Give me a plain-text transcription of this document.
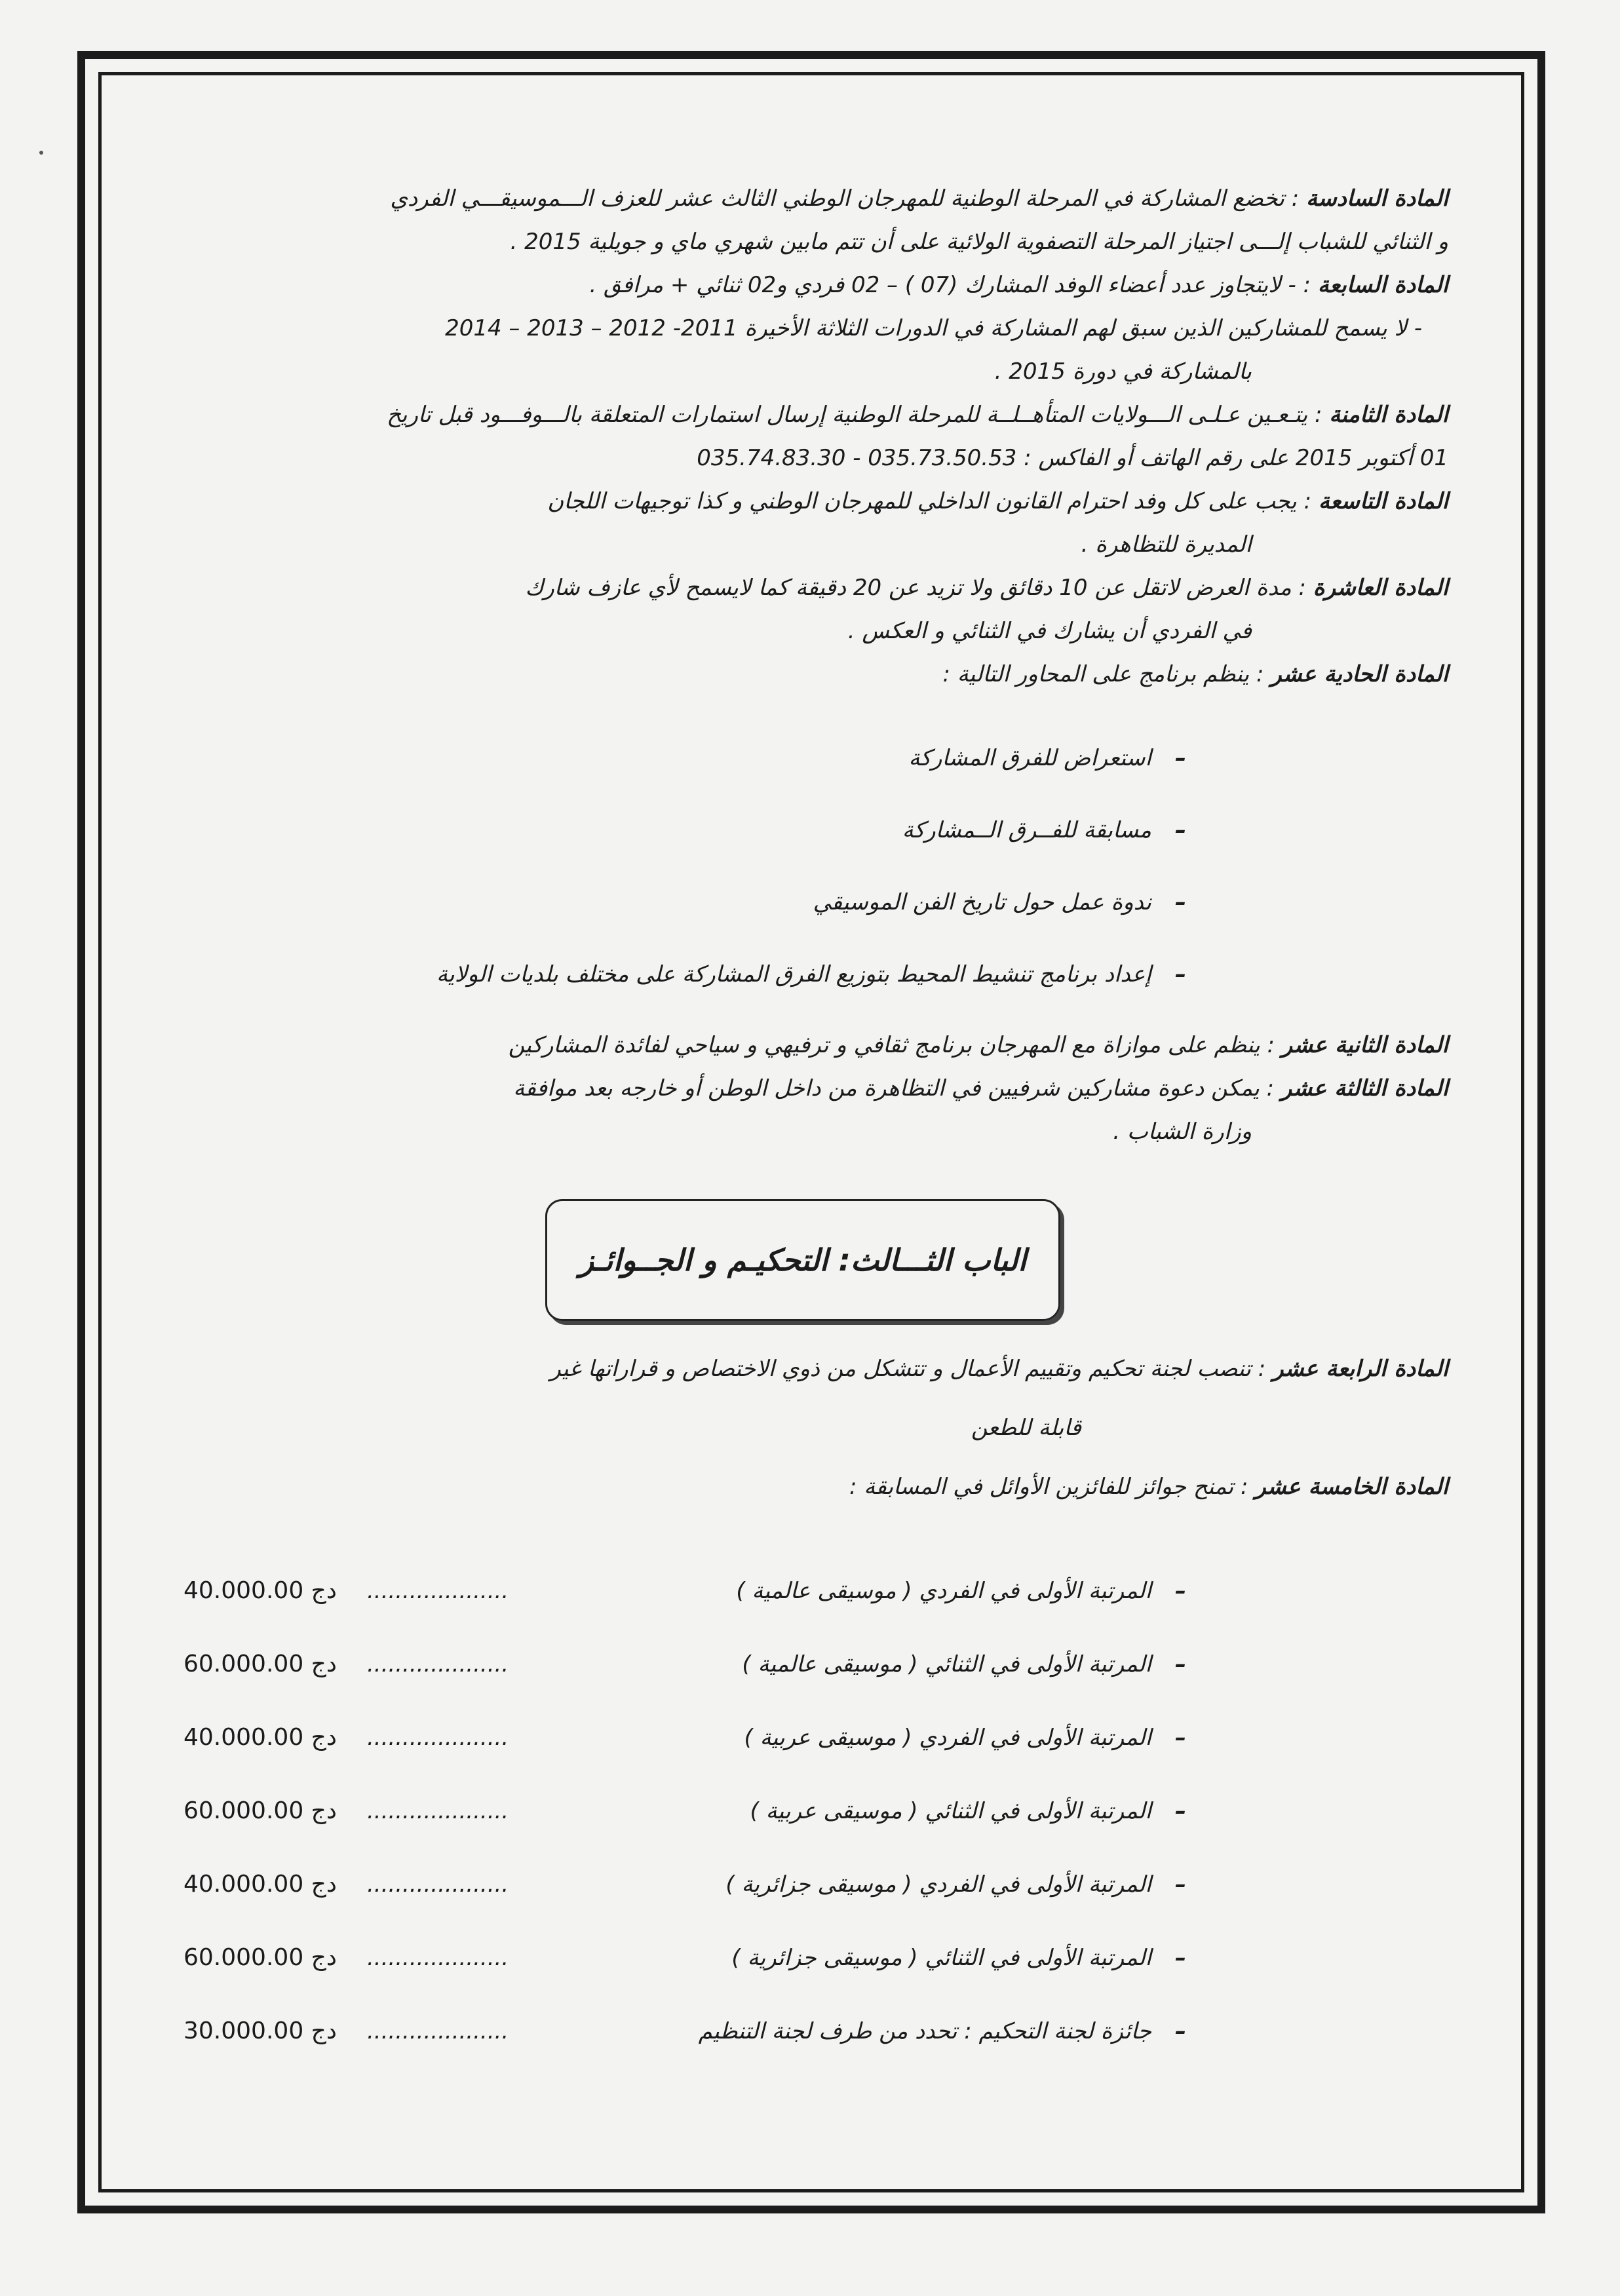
المادة السادسة : تخضع المشاركة في المرحلة الوطنية للمهرجان الوطني الثالث عشر للعزف الـــموسيقـــي الفردي

و الثنائي للشباب إلـــى اجتياز المرحلة التصفوية الولائية على أن تتم مابين شهري ماي و جويلية 2015 .

المادة السابعة : - لايتجاوز عدد أعضاء الوفد المشارك (07 ) – 02 فردي و02 ثنائي + مرافق .

- لا يسمح للمشاركين الذين سبق لهم المشاركة في الدورات الثلاثة الأخيرة 2011- 2012 – 2013 – 2014

بالمشاركة في دورة 2015 .

المادة الثامنة : يتـعـين عـلـى الـــولايات المتأهــلــة للمرحلة الوطنية إرسال استمارات المتعلقة بالـــوفـــود قبل تاريخ

01 أكتوبر 2015 على رقم الهاتف أو الفاكس : 035.73.50.53 - 035.74.83.30

المادة التاسعة : يجب على كل وفد احترام القانون الداخلي للمهرجان الوطني و كذا توجيهات اللجان

المديرة للتظاهرة .

المادة العاشرة : مدة العرض لاتقل عن 10 دقائق ولا تزيد عن 20 دقيقة كما لايسمح لأي عازف شارك

في الفردي أن يشارك في الثنائي و العكس .

المادة الحادية عشر : ينظم برنامج على المحاور التالية :

–استعراض للفرق المشاركة
–مسابقة للفــرق الــمشاركة
–ندوة عمل حول تاريخ الفن الموسيقي
–إعداد برنامج تنشيط المحيط بتوزيع الفرق المشاركة على مختلف بلديات الولاية

المادة الثانية عشر : ينظم على موازاة مع المهرجان برنامج ثقافي و ترفيهي و سياحي لفائدة المشاركين

المادة الثالثة عشر : يمكن دعوة مشاركين شرفيين في التظاهرة من داخل الوطن أو خارجه بعد موافقة

وزارة الشباب .

الباب الثـــالث: التحكيـم و الجــوائـز

المادة الرابعة عشر : تنصب لجنة تحكيم وتقييم الأعمال و تتشكل من ذوي الاختصاص و قراراتها غير

قابلة للطعن

المادة الخامسة عشر : تمنح جوائز للفائزين الأوائل في المسابقة :

–المرتبة الأولى في الفردي ( موسيقى عالمية )
....................
40.000.00 دج
–المرتبة الأولى في الثنائي ( موسيقى عالمية )
....................
60.000.00 دج
–المرتبة الأولى في الفردي ( موسيقى عربية )
....................
40.000.00 دج
–المرتبة الأولى في الثنائي ( موسيقى عربية )
....................
60.000.00 دج
–المرتبة الأولى في الفردي ( موسيقى جزائرية )
....................
40.000.00 دج
–المرتبة الأولى في الثنائي ( موسيقى جزائرية )
....................
60.000.00 دج
–جائزة لجنة التحكيم : تحدد من طرف لجنة التنظيم
....................
30.000.00 دج
